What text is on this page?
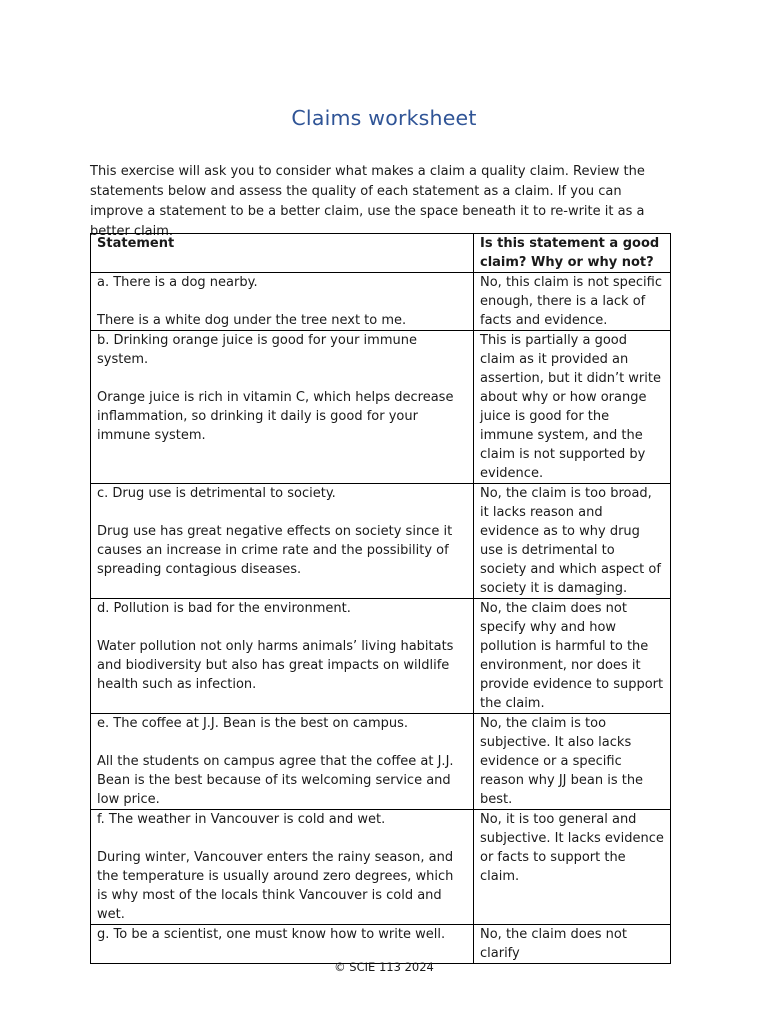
Claims worksheet
This exercise will ask you to consider what makes a claim a quality claim. Review the statements below and assess the quality of each statement as a claim. If you can improve a statement to be a better claim, use the space beneath it to re-write it as a better claim.
Statement	Is this statement a good claim? Why or why not?

a. There is a dog nearby.
There is a white dog under the tree next to me.	No, this claim is not specific enough, there is a lack of facts and evidence.

b. Drinking orange juice is good for your immune system.
Orange juice is rich in vitamin C, which helps decrease inflammation, so drinking it daily is good for your immune system.	This is partially a good claim as it provided an assertion, but it didn’t write about why or how orange juice is good for the immune system, and the claim is not supported by evidence.

c. Drug use is detrimental to society.
Drug use has great negative effects on society since it causes an increase in crime rate and the possibility of spreading contagious diseases.	No, the claim is too broad, it lacks reason and evidence as to why drug use is detrimental to society and which aspect of society it is damaging.

d. Pollution is bad for the environment.
Water pollution not only harms animals’ living habitats and biodiversity but also has great impacts on wildlife health such as infection.	No, the claim does not specify why and how pollution is harmful to the environment, nor does it provide evidence to support the claim.

e. The coffee at J.J. Bean is the best on campus.
All the students on campus agree that the coffee at J.J. Bean is the best because of its welcoming service and low price.	No, the claim is too subjective. It also lacks evidence or a specific reason why JJ bean is the best.

f. The weather in Vancouver is cold and wet.
During winter, Vancouver enters the rainy season, and the temperature is usually around zero degrees, which is why most of the locals think Vancouver is cold and wet.	No, it is too general and subjective. It lacks evidence or facts to support the claim.

g. To be a scientist, one must know how to write well.	No, the claim does not clarify
© SCIE 113 2024
